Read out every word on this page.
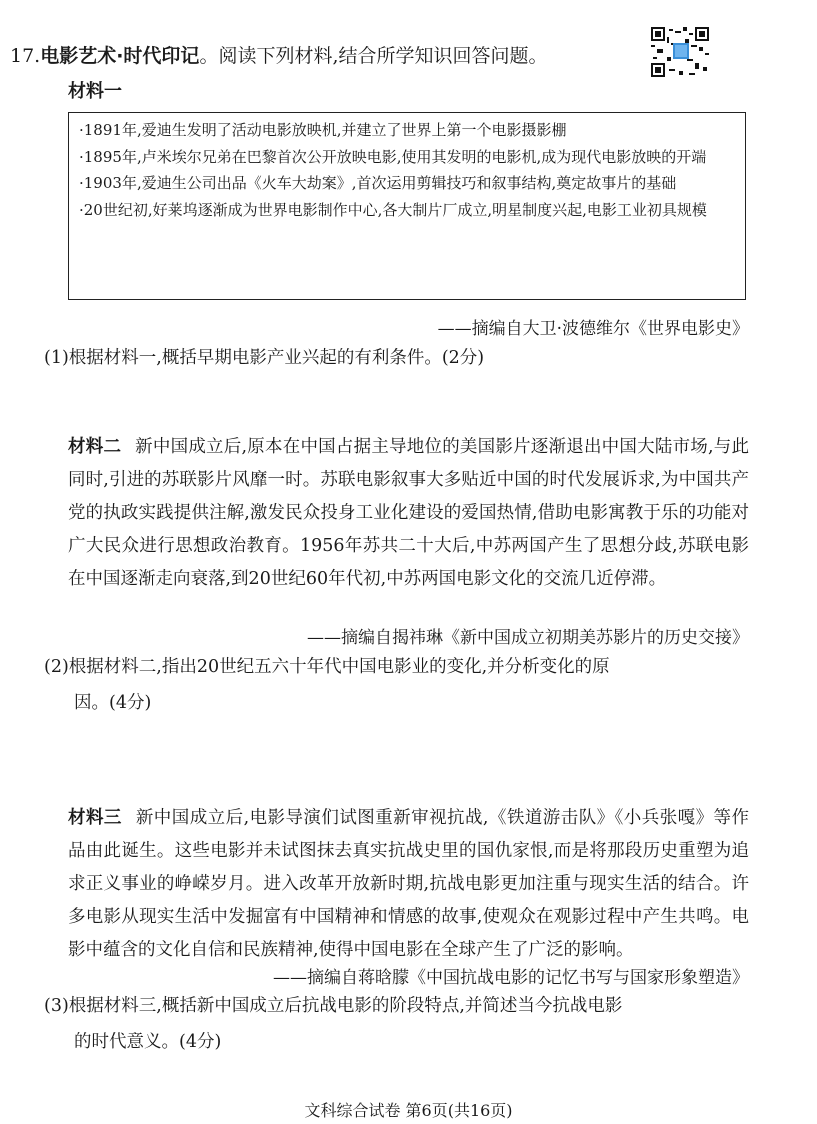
17.电影艺术·时代印记。阅读下列材料,结合所学知识回答问题。
材料一
·1891年,爱迪生发明了活动电影放映机,并建立了世界上第一个电影摄影棚
·1895年,卢米埃尔兄弟在巴黎首次公开放映电影,使用其发明的电影机,成为现代电影放映的开端
·1903年,爱迪生公司出品《火车大劫案》,首次运用剪辑技巧和叙事结构,奠定故事片的基础
·20世纪初,好莱坞逐渐成为世界电影制作中心,各大制片厂成立,明星制度兴起,电影工业初具规模
——摘编自大卫·波德维尔《世界电影史》
(1)根据材料一,概括早期电影产业兴起的有利条件。(2分)
材料二 新中国成立后,原本在中国占据主导地位的美国影片逐渐退出中国大陆市场,与此同时,引进的苏联影片风靡一时。苏联电影叙事大多贴近中国的时代发展诉求,为中国共产党的执政实践提供注解,激发民众投身工业化建设的爱国热情,借助电影寓教于乐的功能对广大民众进行思想政治教育。1956年苏共二十大后,中苏两国产生了思想分歧,苏联电影在中国逐渐走向衰落,到20世纪60年代初,中苏两国电影文化的交流几近停滞。
——摘编自揭祎琳《新中国成立初期美苏影片的历史交接》
(2)根据材料二,指出20世纪五六十年代中国电影业的变化,并分析变化的原
因。(4分)
材料三 新中国成立后,电影导演们试图重新审视抗战,《铁道游击队》《小兵张嘎》等作品由此诞生。这些电影并未试图抹去真实抗战史里的国仇家恨,而是将那段历史重塑为追求正义事业的峥嵘岁月。进入改革开放新时期,抗战电影更加注重与现实生活的结合。许多电影从现实生活中发掘富有中国精神和情感的故事,使观众在观影过程中产生共鸣。电影中蕴含的文化自信和民族精神,使得中国电影在全球产生了广泛的影响。
——摘编自蒋晗朦《中国抗战电影的记忆书写与国家形象塑造》
(3)根据材料三,概括新中国成立后抗战电影的阶段特点,并简述当今抗战电影
的时代意义。(4分)
文科综合试卷 第6页(共16页)
